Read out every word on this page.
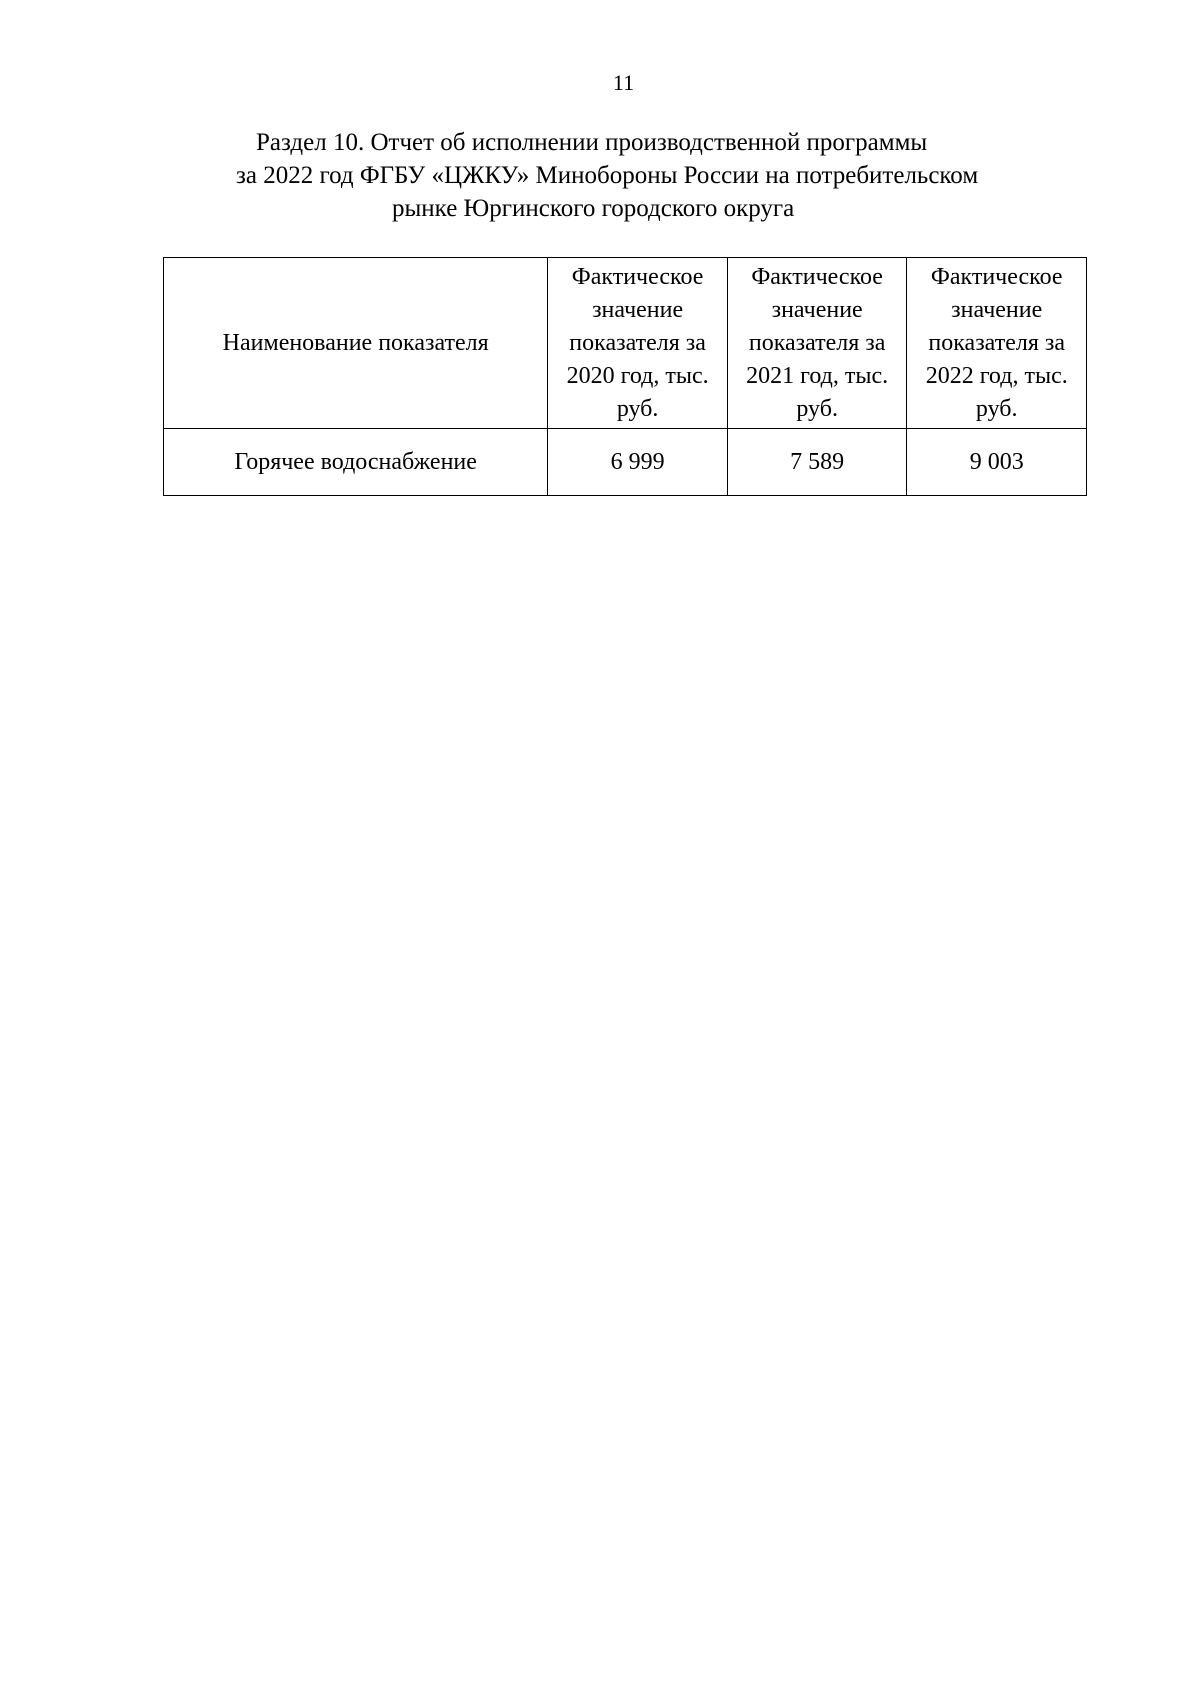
11
Раздел 10. Отчет об исполнении производственной программы
за 2022 год ФГБУ «ЦЖКУ» Минобороны России на потребительском
рынке Юргинского городского округа
Наименование показателя	Фактическое значение показателя за 2020 год, тыс. руб.	Фактическое значение показателя за 2021 год, тыс. руб.	Фактическое значение показателя за 2022 год, тыс. руб.
Горячее водоснабжение	6 999	7 589	9 003
